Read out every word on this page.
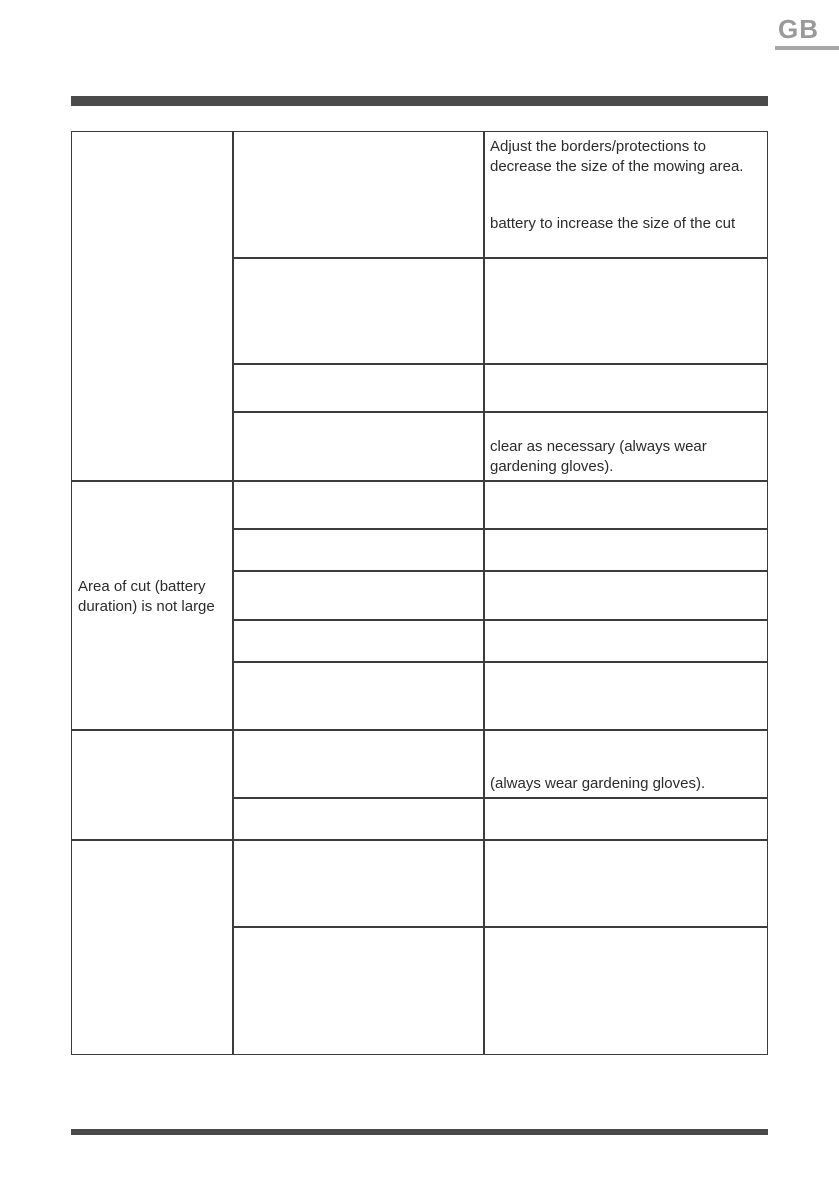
GB
Area of cut (battery
duration) is not large
Adjust the borders/protections to
decrease the size of the mowing area.
battery to increase the size of the cut
clear as necessary (always wear
gardening gloves).
(always wear gardening gloves).
